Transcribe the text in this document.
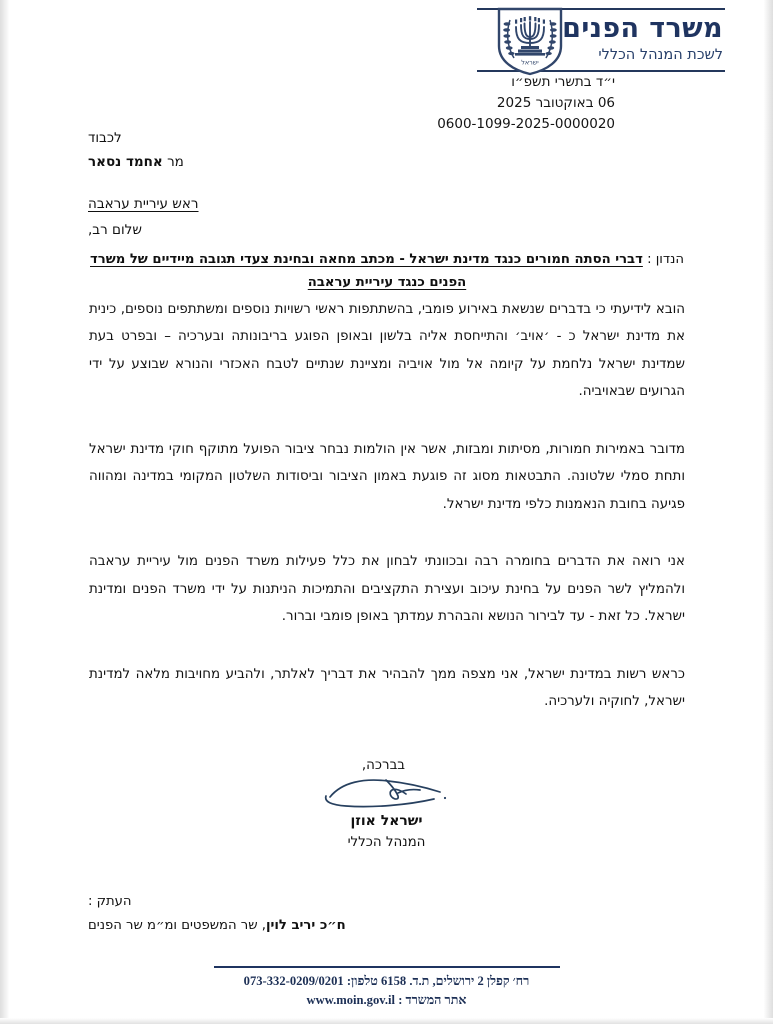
משרד הפנים
לשכת המנהל הכללי
ישראל
י״ד בתשרי תשפ״ו
06 באוקטובר 2025
0600-1099-2025-0000020
לכבוד
מר אחמד נסאר
ראש עיריית עראבה
שלום רב,
הנדון : דברי הסתה חמורים כנגד מדינת ישראל - מכתב מחאה ובחינת צעדי תגובה מיידיים של משרד הפנים כנגד עיריית עראבה

הובא לידיעתי כי בדברים שנשאת באירוע פומבי, בהשתתפות ראשי רשויות נוספים ומשתתפים נוספים, כינית את מדינת ישראל כ - ׳אויב׳ והתייחסת אליה בלשון ובאופן הפוגע בריבונותה ובערכיה – ובפרט בעת שמדינת ישראל נלחמת על קיומה אל מול אויביה ומציינת שנתיים לטבח האכזרי והנורא שבוצע על ידי הגרועים שבאויביה.

מדובר באמירות חמורות, מסיתות ומבזות, אשר אין הולמות נבחר ציבור הפועל מתוקף חוקי מדינת ישראל ותחת סמלי שלטונה. התבטאות מסוג זה פוגעת באמון הציבור וביסודות השלטון המקומי במדינה ומהווה פגיעה בחובת הנאמנות כלפי מדינת ישראל.

אני רואה את הדברים בחומרה רבה ובכוונתי לבחון את כלל פעילות משרד הפנים מול עיריית עראבה ולהמליץ לשר הפנים על בחינת עיכוב ועצירת התקציבים והתמיכות הניתנות על ידי משרד הפנים ומדינת ישראל. כל זאת - עד לבירור הנושא והבהרת עמדתך באופן פומבי וברור.

כראש רשות במדינת ישראל, אני מצפה ממך להבהיר את דבריך לאלתר, ולהביע מחויבות מלאה למדינת ישראל, לחוקיה ולערכיה.

בברכה,
ישראל אוזן
המנהל הכללי
העתק :
ח״כ יריב לוין, שר המשפטים ומ״מ שר הפנים
רח׳ קפלן 2 ירושלים, ת.ד. 6158 טלפון: 073-332-0209/0201
אתר המשרד : www.moin.gov.il
